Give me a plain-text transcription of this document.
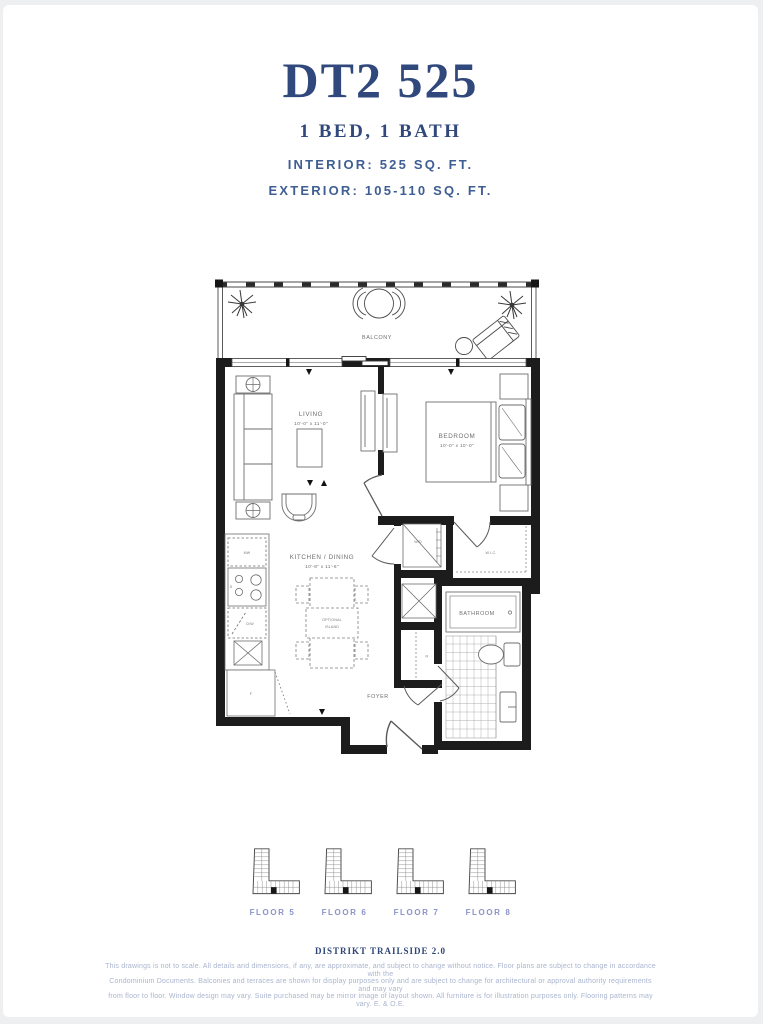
DT2 525
1 BED, 1 BATH
INTERIOR: 525 SQ. FT.
EXTERIOR: 105-110 SQ. FT.
BALCONY
LIVING
10'-0" x 11'-0"
BEDROOM
10'-0" x 10'-0"
MW
S
D/W
F
KITCHEN / DINING
10'-8" x 11'-6"
OPTIONAL
ISLAND
W/D
W.I.C.
D
BATHROOM
FOYER
FLOOR 5	FLOOR 6	FLOOR 7	FLOOR 8
DISTRIKT TRAILSIDE 2.0
This drawings is not to scale. All details and dimensions, if any, are approximate, and subject to change without notice. Floor plans are subject to change in accordance with the
Condominium Documents. Balconies and terraces are shown for display purposes only and are subject to change for architectural or approval authority requirements and may vary
from floor to floor. Window design may vary. Suite purchased may be mirror image of layout shown. All furniture is for illustration purposes only. Flooring patterns may vary. E. & O.E.
